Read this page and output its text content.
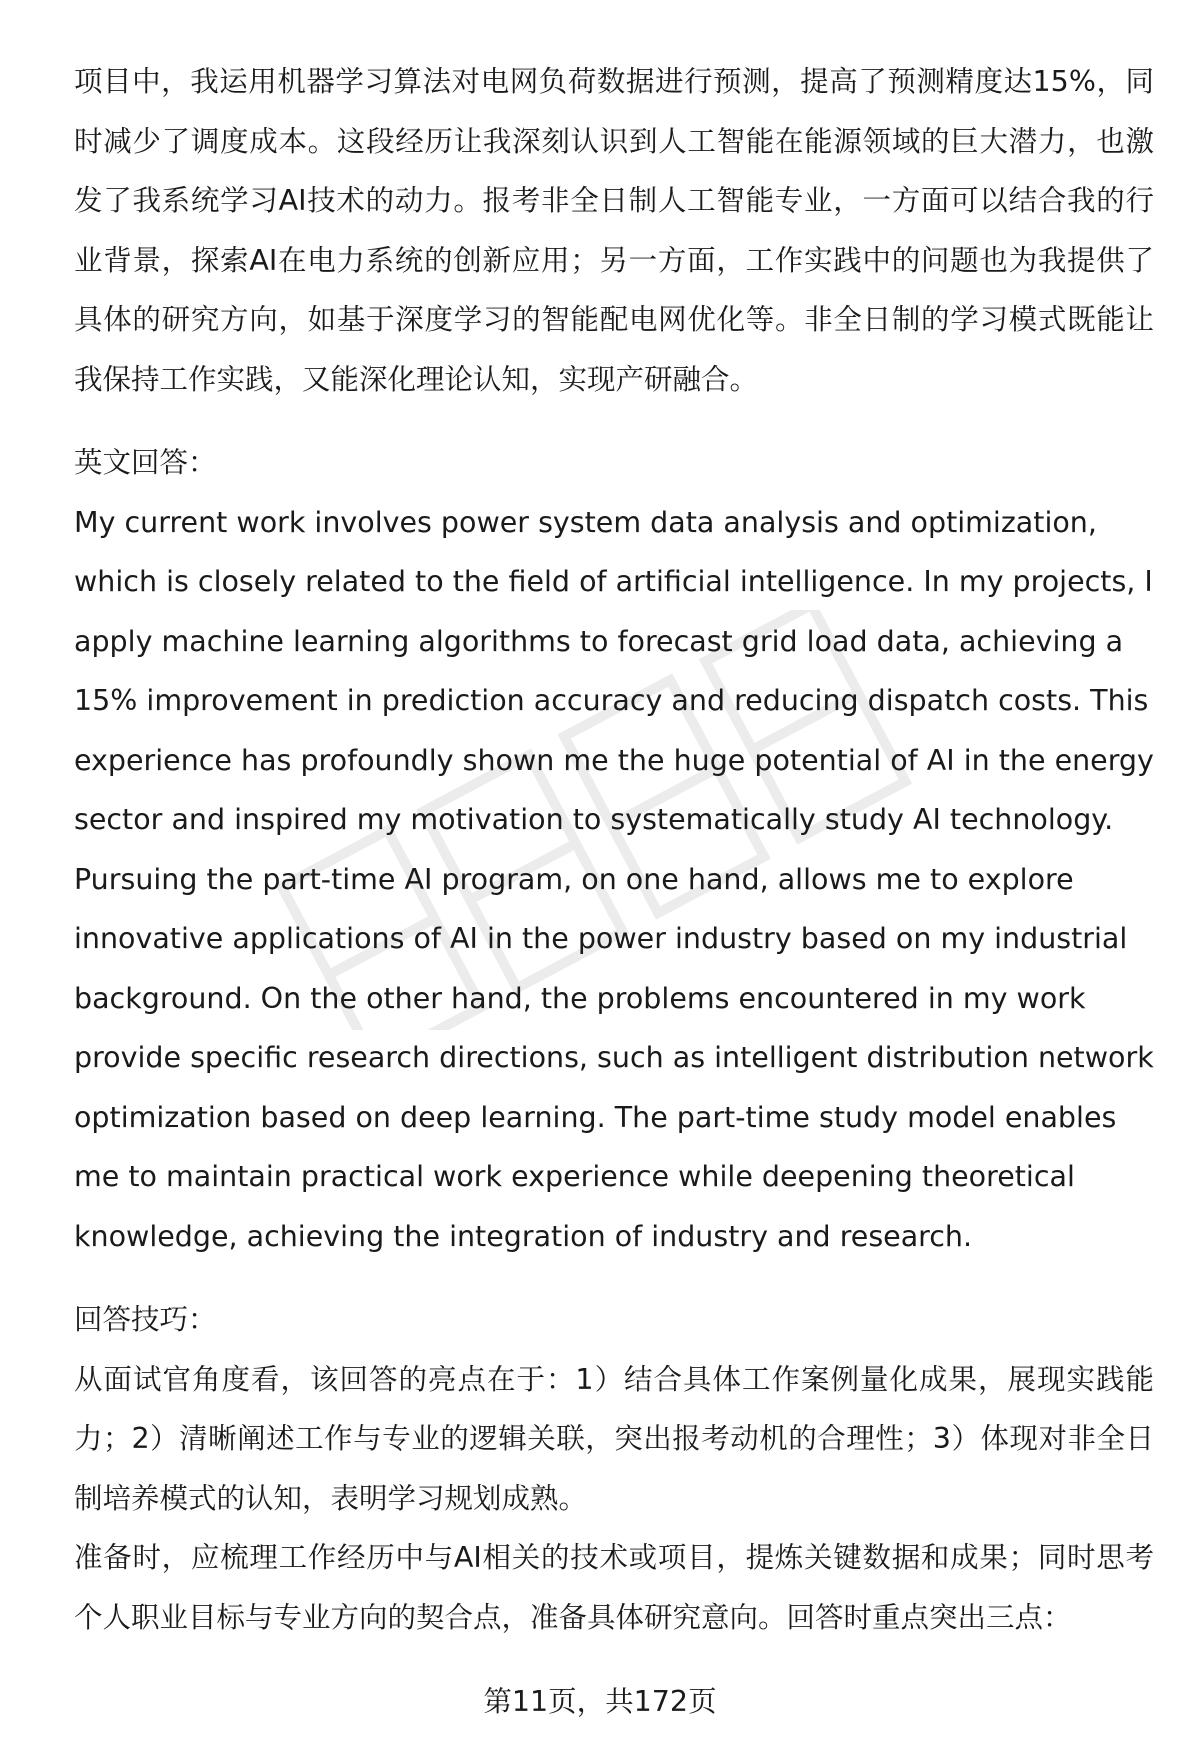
项目中，我运用机器学习算法对电网负荷数据进行预测，提高了预测精度达15%，同时减少了调度成本。这段经历让我深刻认识到人工智能在能源领域的巨大潜力，也激发了我系统学习AI技术的动力。报考非全日制人工智能专业，一方面可以结合我的行业背景，探索AI在电力系统的创新应用；另一方面，工作实践中的问题也为我提供了具体的研究方向，如基于深度学习的智能配电网优化等。非全日制的学习模式既能让我保持工作实践，又能深化理论认知，实现产研融合。

英文回答：

My current work involves power system data analysis and optimization, which is closely related to the field of artificial intelligence. In my projects, I apply machine learning algorithms to forecast grid load data, achieving a 15% improvement in prediction accuracy and reducing dispatch costs. This experience has profoundly shown me the huge potential of AI in the energy sector and inspired my motivation to systematically study AI technology. Pursuing the part-time AI program, on one hand, allows me to explore innovative applications of AI in the power industry based on my industrial background. On the other hand, the problems encountered in my work provide specific research directions, such as intelligent distribution network optimization based on deep learning. The part-time study model enables me to maintain practical work experience while deepening theoretical knowledge, achieving the integration of industry and research.

回答技巧：

从面试官角度看，该回答的亮点在于：1）结合具体工作案例量化成果，展现实践能力；2）清晰阐述工作与专业的逻辑关联，突出报考动机的合理性；3）体现对非全日制培养模式的认知，表明学习规划成熟。

准备时，应梳理工作经历中与AI相关的技术或项目，提炼关键数据和成果；同时思考个人职业目标与专业方向的契合点，准备具体研究意向。回答时重点突出三点：

第11页，共172页
